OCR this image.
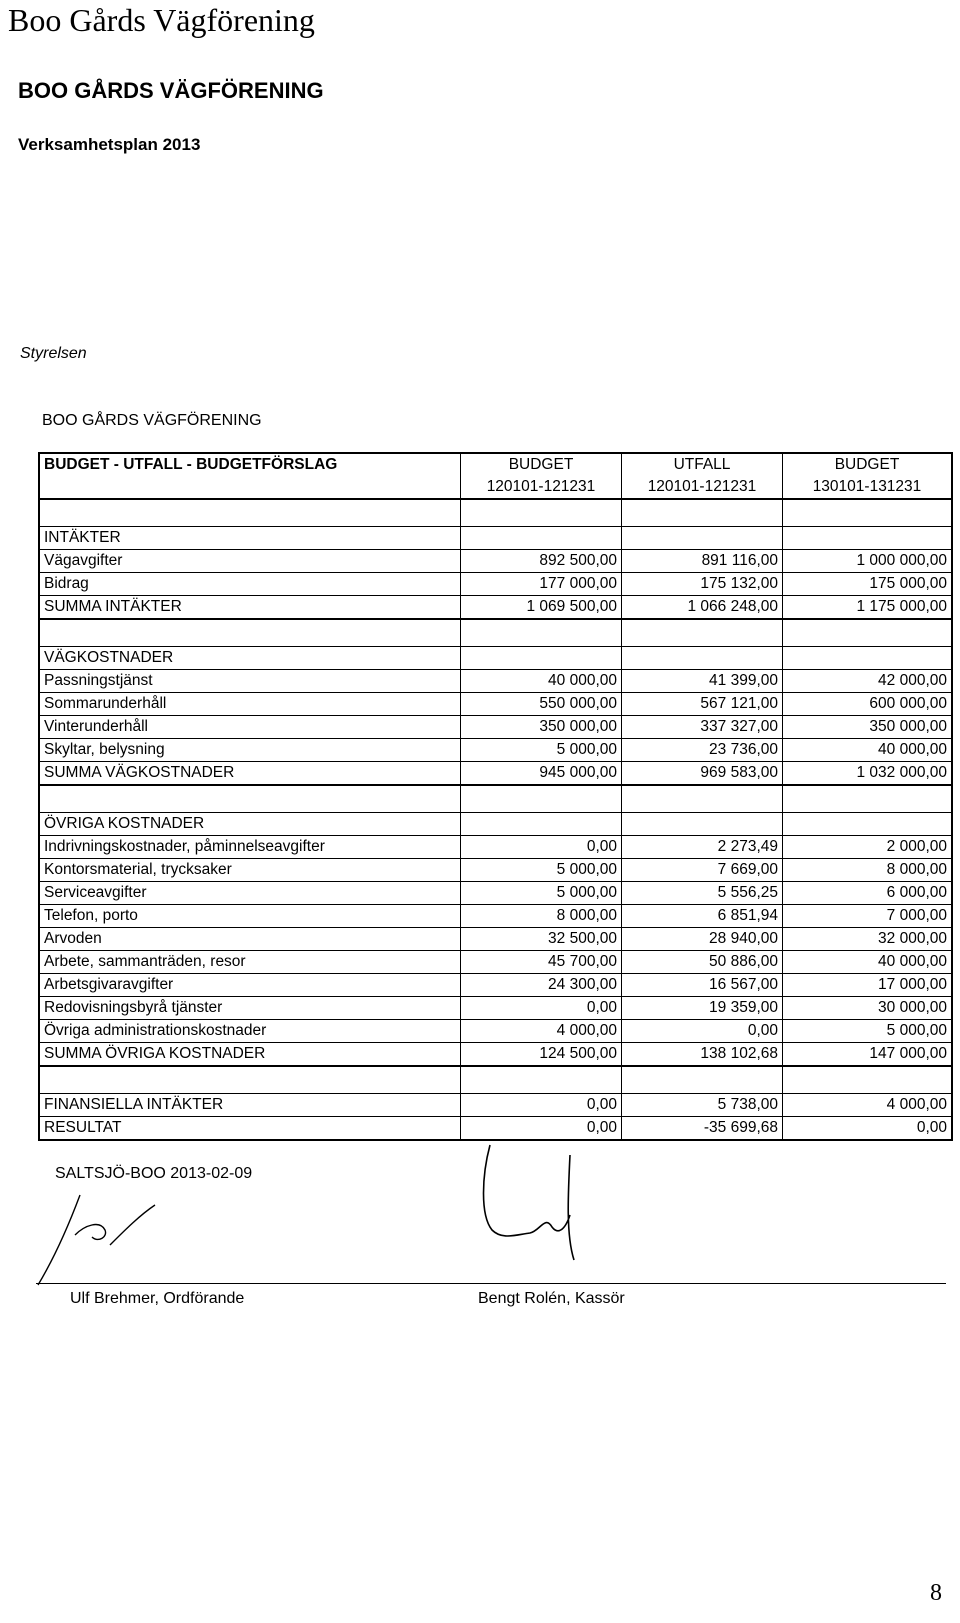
Boo Gårds Vägförening
BOO GÅRDS VÄGFÖRENING
Verksamhetsplan 2013
Styrelsen
BOO GÅRDS VÄGFÖRENING
BUDGET - UTFALL - BUDGETFÖRSLAG	BUDGET	UTFALL	BUDGET
	120101-121231	120101-121231	130101-131231

INTÄKTER			
Vägavgifter	892 500,00	891 116,00	1 000 000,00
Bidrag	177 000,00	175 132,00	175 000,00
SUMMA INTÄKTER	1 069 500,00	1 066 248,00	1 175 000,00

VÄGKOSTNADER			
Passningstjänst	40 000,00	41 399,00	42 000,00
Sommarunderhåll	550 000,00	567 121,00	600 000,00
Vinterunderhåll	350 000,00	337 327,00	350 000,00
Skyltar, belysning	5 000,00	23 736,00	40 000,00
SUMMA VÄGKOSTNADER	945 000,00	969 583,00	1 032 000,00

ÖVRIGA KOSTNADER			
Indrivningskostnader, påminnelseavgifter	0,00	2 273,49	2 000,00
Kontorsmaterial, trycksaker	5 000,00	7 669,00	8 000,00
Serviceavgifter	5 000,00	5 556,25	6 000,00
Telefon, porto	8 000,00	6 851,94	7 000,00
Arvoden	32 500,00	28 940,00	32 000,00
Arbete, sammanträden, resor	45 700,00	50 886,00	40 000,00
Arbetsgivaravgifter	24 300,00	16 567,00	17 000,00
Redovisningsbyrå tjänster	0,00	19 359,00	30 000,00
Övriga administrationskostnader	4 000,00	0,00	5 000,00
SUMMA ÖVRIGA KOSTNADER	124 500,00	138 102,68	147 000,00

FINANSIELLA INTÄKTER	0,00	5 738,00	4 000,00
RESULTAT	0,00	-35 699,68	0,00
SALTSJÖ-BOO 2013-02-09
Ulf Brehmer, Ordförande	Bengt Rolén, Kassör
8
